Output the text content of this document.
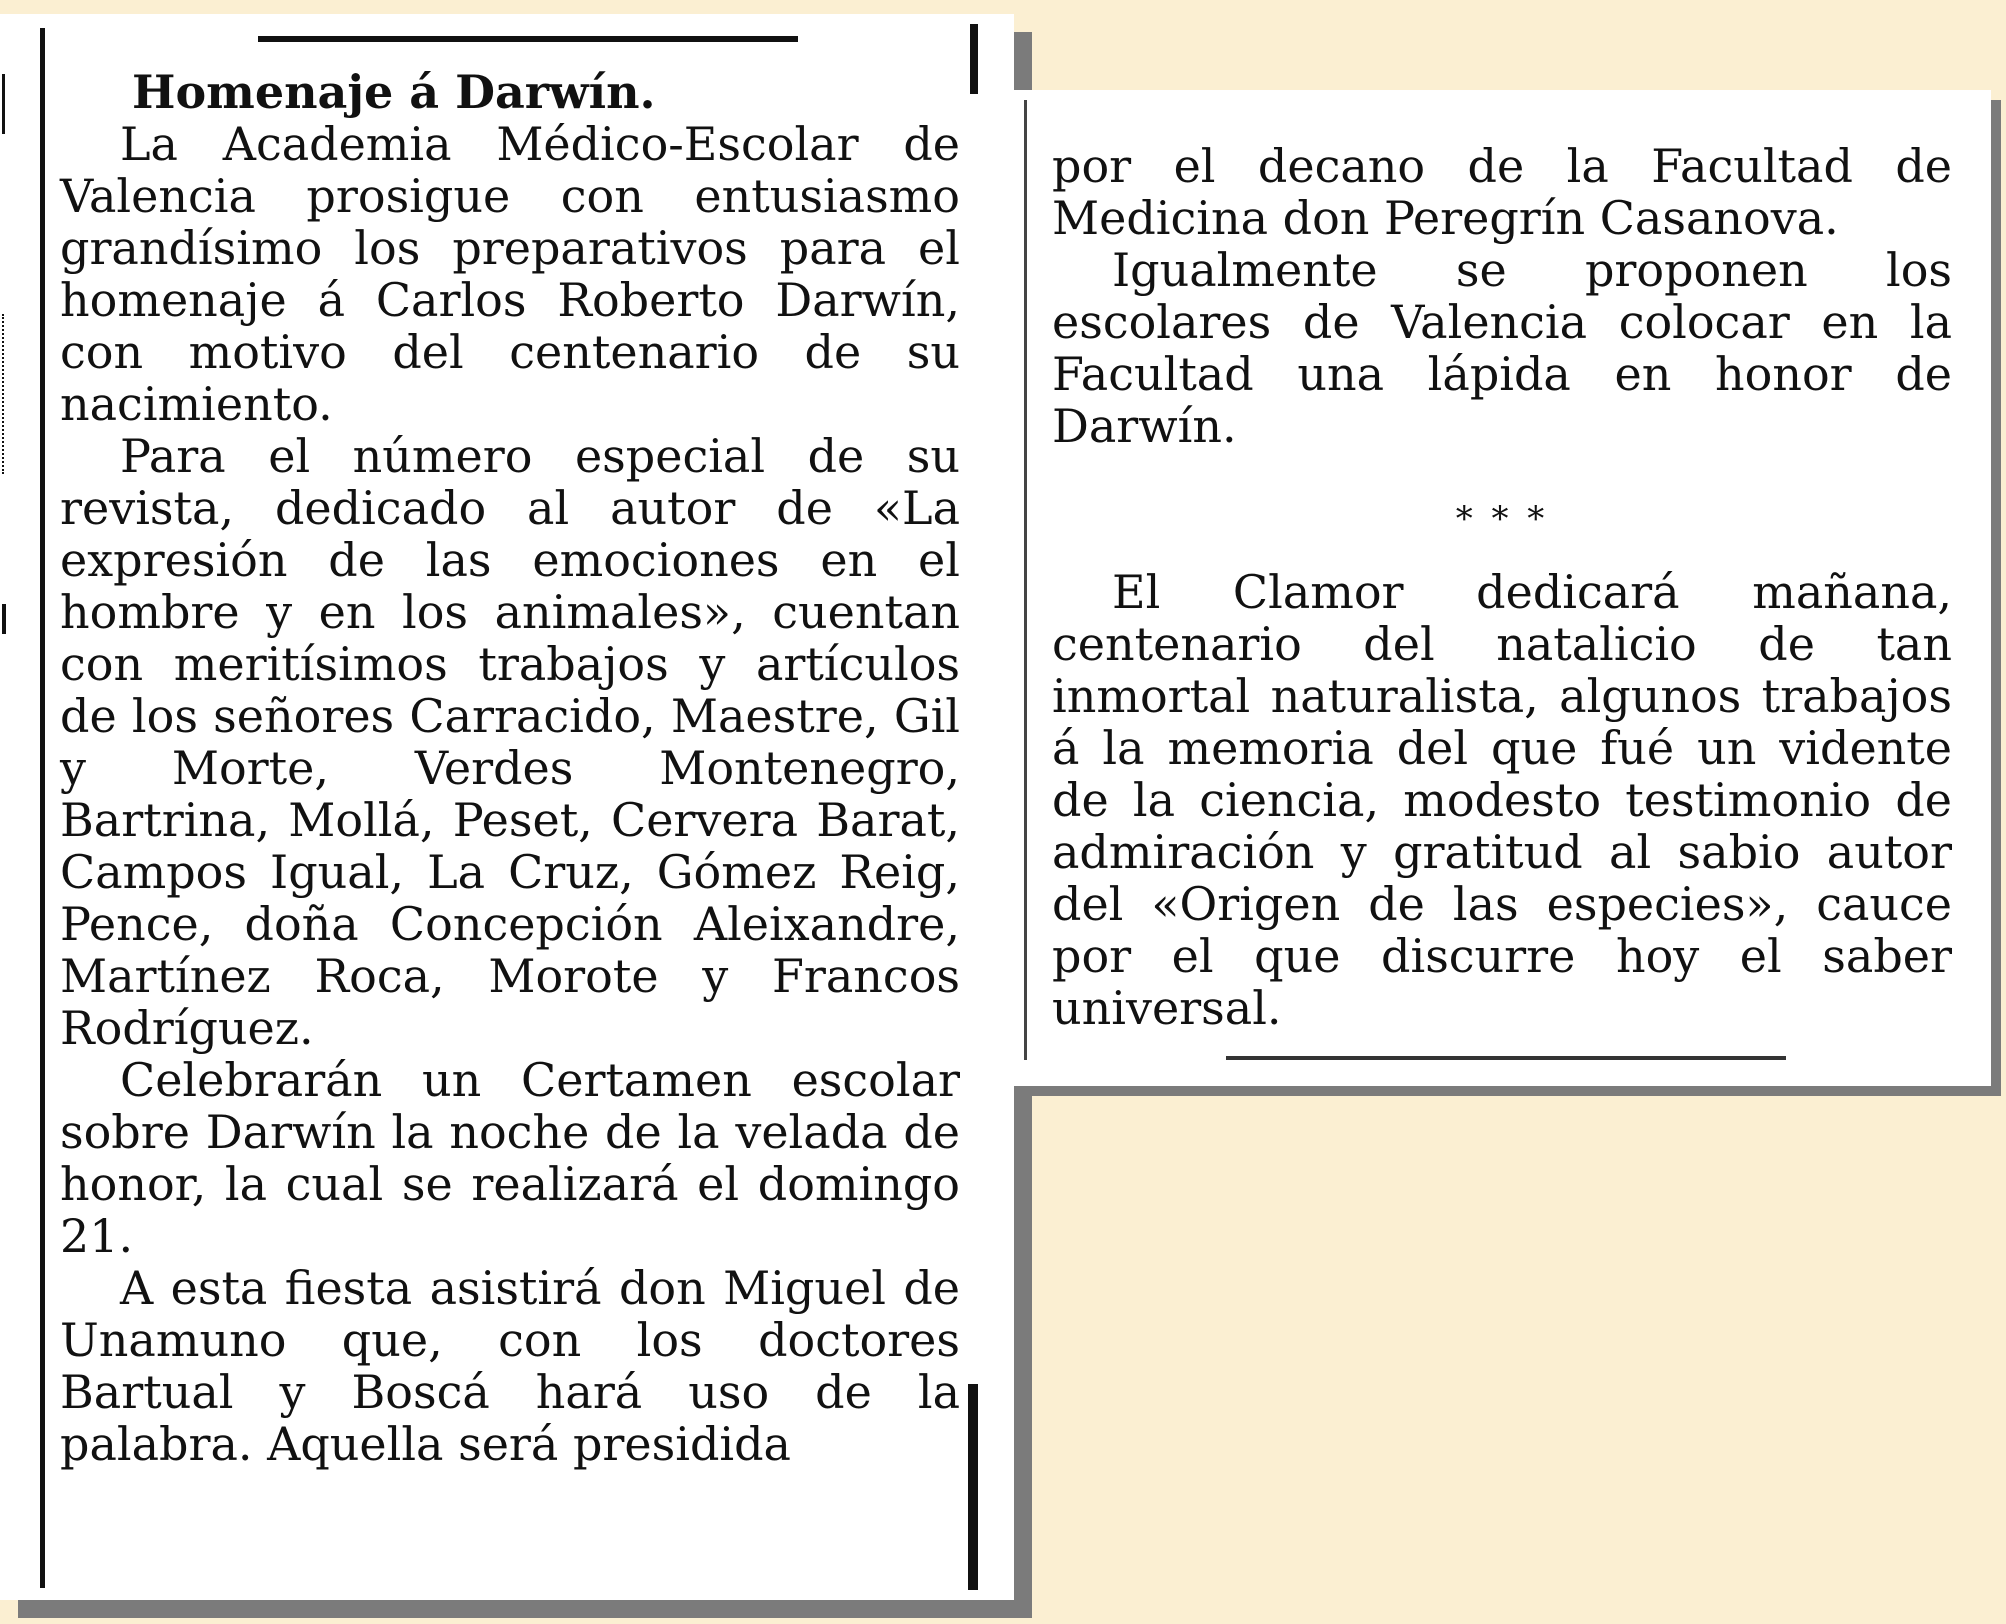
Homenaje á Darwín.

La Academia Médico-Escolar de Valencia prosigue con entusiasmo grandísimo los preparativos para el homenaje á Carlos Roberto Darwín, con motivo del centenario de su nacimiento.

Para el número especial de su revista, dedicado al autor de «La expresión de las emociones en el hombre y en los animales», cuentan con meritísimos trabajos y artículos de los señores Carracido, Maestre, Gil y Morte, Verdes Montenegro, Bartrina, Mollá, Peset, Cervera Barat, Campos Igual, La Cruz, Gómez Reig, Pence, doña Concepción Aleixandre, Martínez Roca, Morote y Francos Rodríguez.

Celebrarán un Certamen escolar sobre Darwín la noche de la velada de honor, la cual se realizará el domingo 21.

A esta fiesta asistirá don Miguel de Unamuno que, con los doctores Bartual y Boscá hará uso de la palabra. Aquella será presidida

por el decano de la Facultad de Medicina don Peregrín Casanova.

Igualmente se proponen los escolares de Valencia colocar en la Facultad una lápida en honor de Darwín.

* * *

El Clamor dedicará mañana, centenario del natalicio de tan inmortal naturalista, algunos trabajos á la memoria del que fué un vidente de la ciencia, modesto testimonio de admiración y gratitud al sabio autor del «Origen de las especies», cauce por el que discurre hoy el saber universal.
